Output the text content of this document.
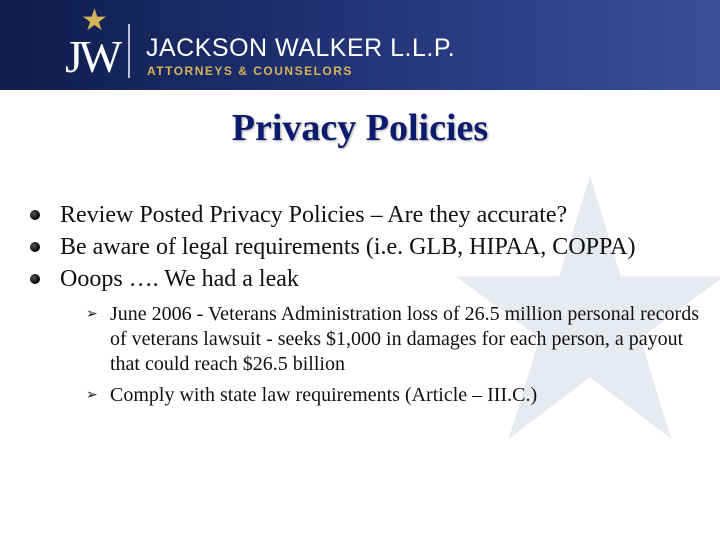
★
JW JACKSON WALKER L.L.P.
ATTORNEYS & COUNSELORS
Privacy Policies
Review Posted Privacy Policies – Are they accurate?
Be aware of legal requirements (i.e. GLB, HIPAA, COPPA)
Ooops …. We had a leak
➢ June 2006 - Veterans Administration loss of 26.5 million personal records of veterans lawsuit - seeks $1,000 in damages for each person, a payout that could reach $26.5 billion
➢ Comply with state law requirements (Article – III.C.)
